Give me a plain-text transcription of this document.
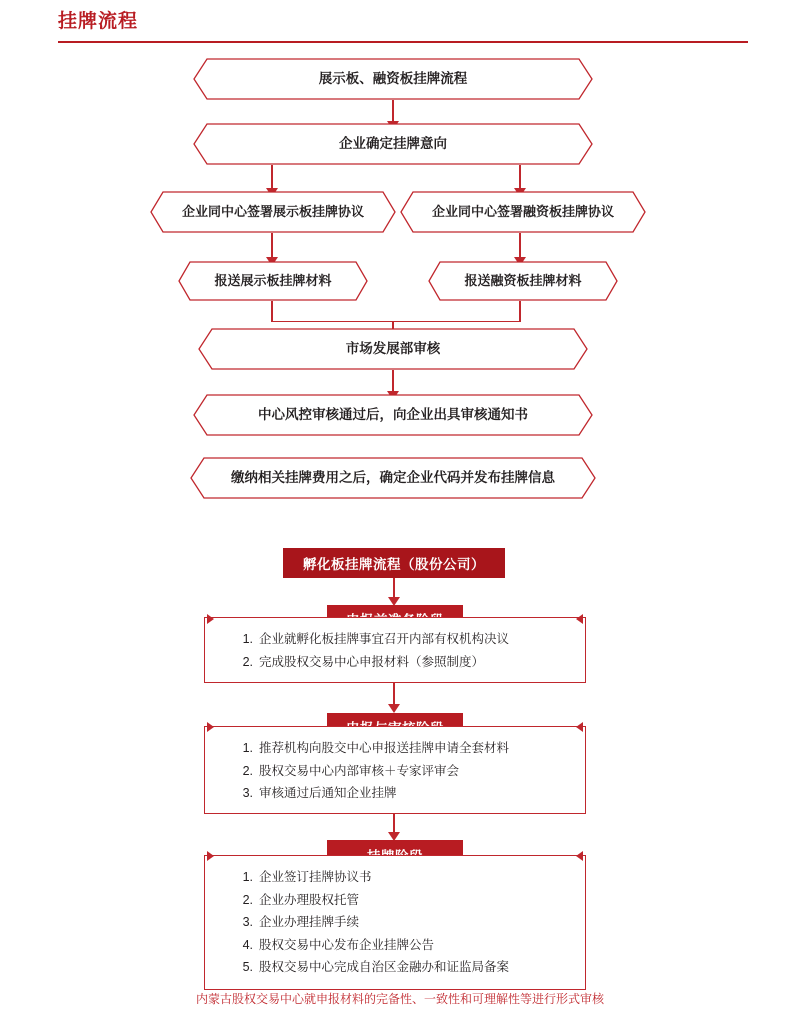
挂牌流程
展示板、融资板挂牌流程
企业确定挂牌意向
企业同中心签署展示板挂牌协议	企业同中心签署融资板挂牌协议
报送展示板挂牌材料	报送融资板挂牌材料
市场发展部审核
中心风控审核通过后，向企业出具审核通知书
缴纳相关挂牌费用之后，确定企业代码并发布挂牌信息
孵化板挂牌流程（股份公司）
企业就孵化板挂牌事宜召开内部有权机构决议
完成股权交易中心申报材料（参照制度）
推荐机构向股交中心申报送挂牌申请全套材料
股权交易中心内部审核＋专家评审会
审核通过后通知企业挂牌
企业签订挂牌协议书
企业办理股权托管
企业办理挂牌手续
股权交易中心发布企业挂牌公告
股权交易中心完成自治区金融办和证监局备案
内蒙古股权交易中心就申报材料的完备性、一致性和可理解性等进行形式审核
